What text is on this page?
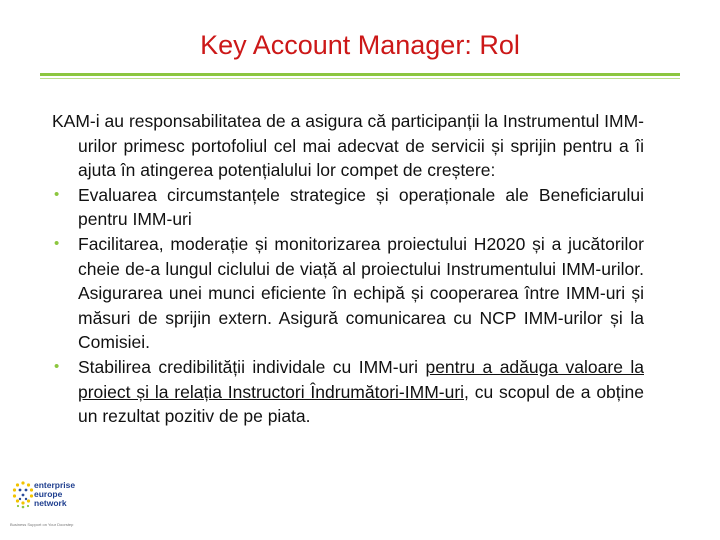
Key Account Manager: Rol

KAM-i au responsabilitatea de a asigura că participanții la Instrumentul IMM-urilor primesc portofoliul cel mai adecvat de servicii și sprijin pentru a îi ajuta în atingerea potențialului lor compet de creștere:

• Evaluarea circumstanțele strategice și operaționale ale Beneficiarului pentru IMM-uri
• Facilitarea, moderație și monitorizarea proiectului H2020 și a jucătorilor cheie de-a lungul ciclului de viață al proiectului Instrumentului IMM-urilor. Asigurarea unei munci eficiente în echipă și cooperarea între IMM-uri și măsuri de sprijin extern. Asigură comunicarea cu NCP IMM-urilor și la Comisiei.
• Stabilirea credibilității individale cu IMM-uri pentru a adăuga valoare la proiect și la relația Instructori Îndrumători-IMM-uri, cu scopul de a obține un rezultat pozitiv de pe piata.
enterprise
europe
network
Business Support on Your Doorstep
